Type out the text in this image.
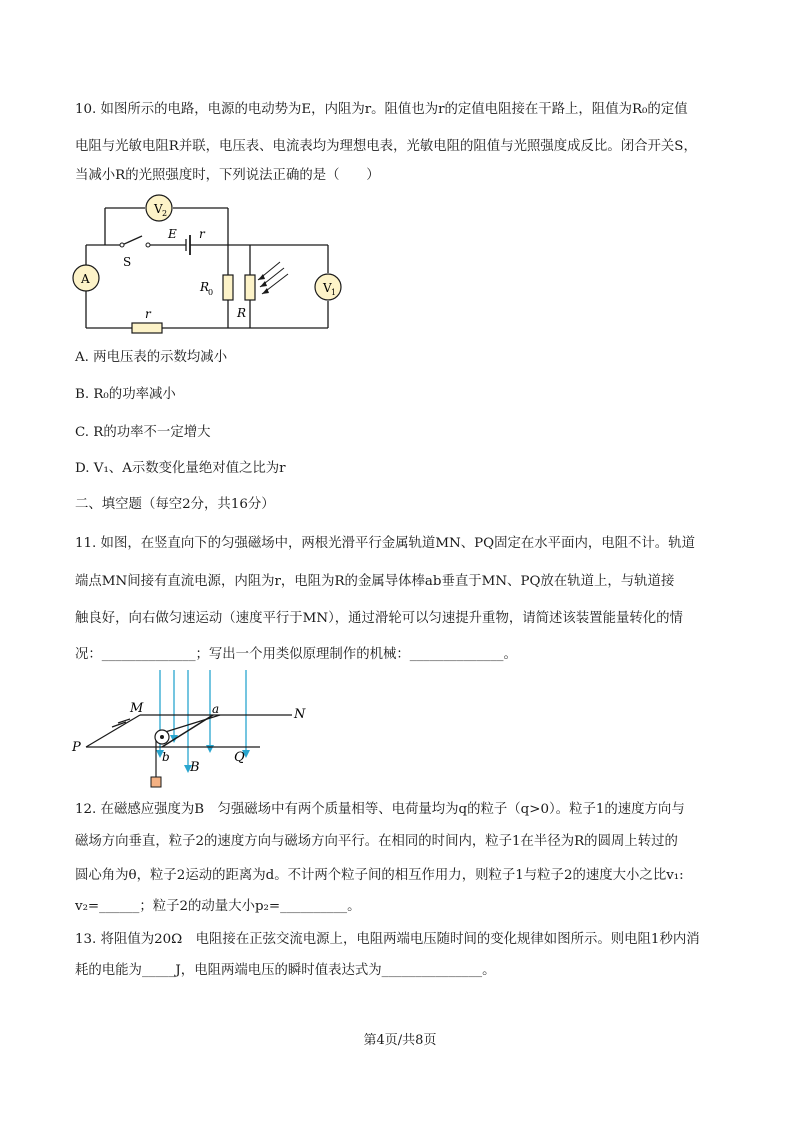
10. 如图所示的电路，电源的电动势为E，内阻为r。阻值也为r的定值电阻接在干路上，阻值为R₀的定值

电阻与光敏电阻R并联，电压表、电流表均为理想电表，光敏电阻的阻值与光照强度成反比。闭合开关S，

当减小R的光照强度时，下列说法正确的是（　　）

V 2
A
V 1
E r
S
R
0
R
r

A. 两电压表的示数均减小

B. R₀的功率减小

C. R的功率不一定增大

D. V₁、A示数变化量绝对值之比为r

二、填空题（每空2分，共16分）

11. 如图，在竖直向下的匀强磁场中，两根光滑平行金属轨道MN、PQ固定在水平面内，电阻不计。轨道

端点MN间接有直流电源，内阻为r，电阻为R的金属导体棒ab垂直于MN、PQ放在轨道上，与轨道接

触良好，向右做匀速运动（速度平行于MN），通过滑轮可以匀速提升重物，请简述该装置能量转化的情

况：______________；写出一个用类似原理制作的机械：______________。

M	N
P
Q
a
b
B

12. 在磁感应强度为B　匀强磁场中有两个质量相等、电荷量均为q的粒子（q>0）。粒子1的速度方向与

磁场方向垂直，粒子2的速度方向与磁场方向平行。在相同的时间内，粒子1在半径为R的圆周上转过的

圆心角为θ，粒子2运动的距离为d。不计两个粒子间的相互作用力，则粒子1与粒子2的速度大小之比v₁:

v₂=______；粒子2的动量大小p₂=__________。

13. 将阻值为20Ω　电阻接在正弦交流电源上，电阻两端电压随时间的变化规律如图所示。则电阻1秒内消

耗的电能为_____J，电阻两端电压的瞬时值表达式为_______________。

第4页/共8页
